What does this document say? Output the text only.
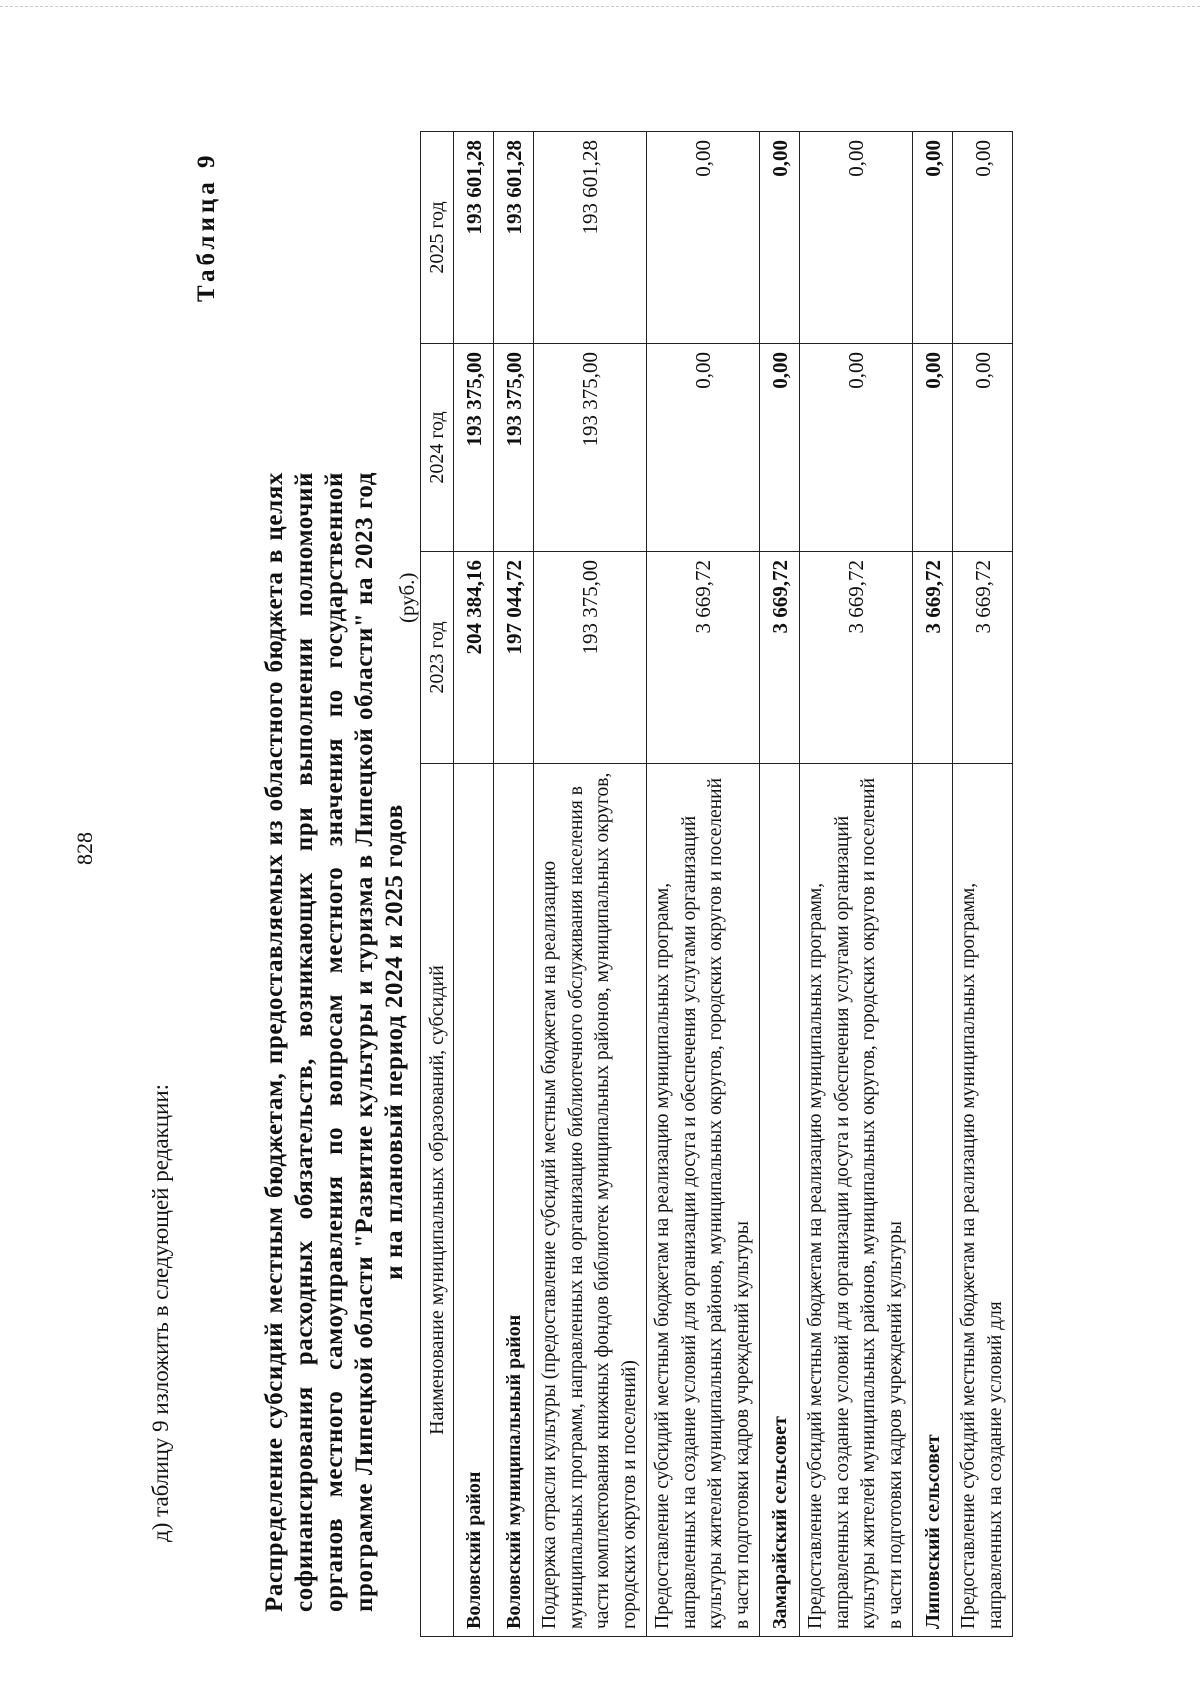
828
д) таблицу 9 изложить в следующей редакции:
Таблица 9
Распределение субсидий местным бюджетам, предоставляемых из областного бюджета в целях софинансирования расходных обязательств, возникающих при выполнении полномочий органов местного самоуправления по вопросам местного значения по государственной программе Липецкой области "Развитие культуры и туризма в Липецкой области" на 2023 год и на плановый период 2024 и 2025 годов
(руб.)
Наименование муниципальных образований, субсидий	2023 год	2024 год	2025 год
Воловский район	204 384,16	193 375,00	193 601,28
Воловский муниципальный район	197 044,72	193 375,00	193 601,28
Поддержка отрасли культуры (предоставление субсидий местным бюджетам на реализацию муниципальных программ, направленных на организацию библиотечного обслуживания населения в части комплектования книжных фондов библиотек муниципальных районов, муниципальных округов, городских округов и поселений)	193 375,00	193 375,00	193 601,28
Предоставление субсидий местным бюджетам на реализацию муниципальных программ, направленных на создание условий для организации досуга и обеспечения услугами организаций культуры жителей муниципальных районов, муниципальных округов, городских округов и поселений в части подготовки кадров учреждений культуры	3 669,72	0,00	0,00
Замарайский сельсовет	3 669,72	0,00	0,00
Предоставление субсидий местным бюджетам на реализацию муниципальных программ, направленных на создание условий для организации досуга и обеспечения услугами организаций культуры жителей муниципальных районов, муниципальных округов, городских округов и поселений в части подготовки кадров учреждений культуры	3 669,72	0,00	0,00
Липовский сельсовет	3 669,72	0,00	0,00
Предоставление субсидий местным бюджетам на реализацию муниципальных программ, направленных на создание условий для	3 669,72	0,00	0,00
